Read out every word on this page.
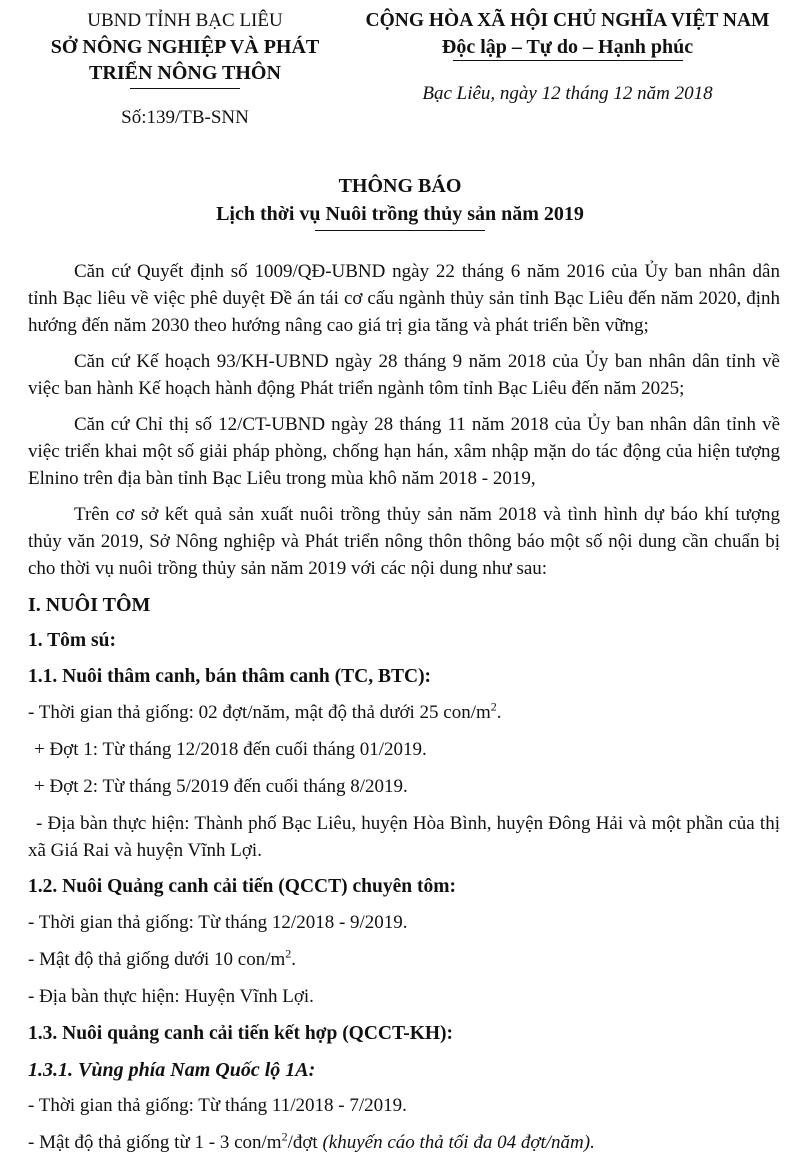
UBND TỈNH BẠC LIÊU
SỞ NÔNG NGHIỆP VÀ PHÁT
TRIỂN NÔNG THÔN
Số:139/TB-SNN
CỘNG HÒA XÃ HỘI CHỦ NGHĨA VIỆT NAM
Độc lập – Tự do – Hạnh phúc
Bạc Liêu, ngày 12 tháng 12 năm 2018
THÔNG BÁO
Lịch thời vụ Nuôi trồng thủy sản năm 2019

Căn cứ Quyết định số 1009/QĐ-UBND ngày 22 tháng 6 năm 2016 của Ủy ban nhân dân tỉnh Bạc liêu về việc phê duyệt Đề án tái cơ cấu ngành thủy sản tỉnh Bạc Liêu đến năm 2020, định hướng đến năm 2030 theo hướng nâng cao giá trị gia tăng và phát triển bền vững;

Căn cứ Kế hoạch 93/KH-UBND ngày 28 tháng 9 năm 2018 của Ủy ban nhân dân tỉnh về việc ban hành Kế hoạch hành động Phát triển ngành tôm tỉnh Bạc Liêu đến năm 2025;

Căn cứ Chỉ thị số 12/CT-UBND ngày 28 tháng 11 năm 2018 của Ủy ban nhân dân tỉnh về việc triển khai một số giải pháp phòng, chống hạn hán, xâm nhập mặn do tác động của hiện tượng Elnino trên địa bàn tỉnh Bạc Liêu trong mùa khô năm 2018 - 2019,

Trên cơ sở kết quả sản xuất nuôi trồng thủy sản năm 2018 và tình hình dự báo khí tượng thủy văn 2019, Sở Nông nghiệp và Phát triển nông thôn thông báo một số nội dung cần chuẩn bị cho thời vụ nuôi trồng thủy sản năm 2019 với các nội dung như sau:

I. NUÔI TÔM
1. Tôm sú:
1.1. Nuôi thâm canh, bán thâm canh (TC, BTC):
- Thời gian thả giống: 02 đợt/năm, mật độ thả dưới 25 con/$m^2$.
+ Đợt 1: Từ tháng 12/2018 đến cuối tháng 01/2019.
+ Đợt 2: Từ tháng 5/2019 đến cuối tháng 8/2019.

- Địa bàn thực hiện: Thành phố Bạc Liêu, huyện Hòa Bình, huyện Đông Hải và một phần của thị xã Giá Rai và huyện Vĩnh Lợi.

1.2. Nuôi Quảng canh cải tiến (QCCT) chuyên tôm:
- Thời gian thả giống: Từ tháng 12/2018 - 9/2019.
- Mật độ thả giống dưới 10 con/$m^2$.
- Địa bàn thực hiện: Huyện Vĩnh Lợi.
1.3. Nuôi quảng canh cải tiến kết hợp (QCCT-KH):
1.3.1. Vùng phía Nam Quốc lộ 1A:
- Thời gian thả giống: Từ tháng 11/2018 - 7/2019.
- Mật độ thả giống từ 1 - 3 con/$m^2$/đợt (khuyến cáo thả tối đa 04 đợt/năm).
